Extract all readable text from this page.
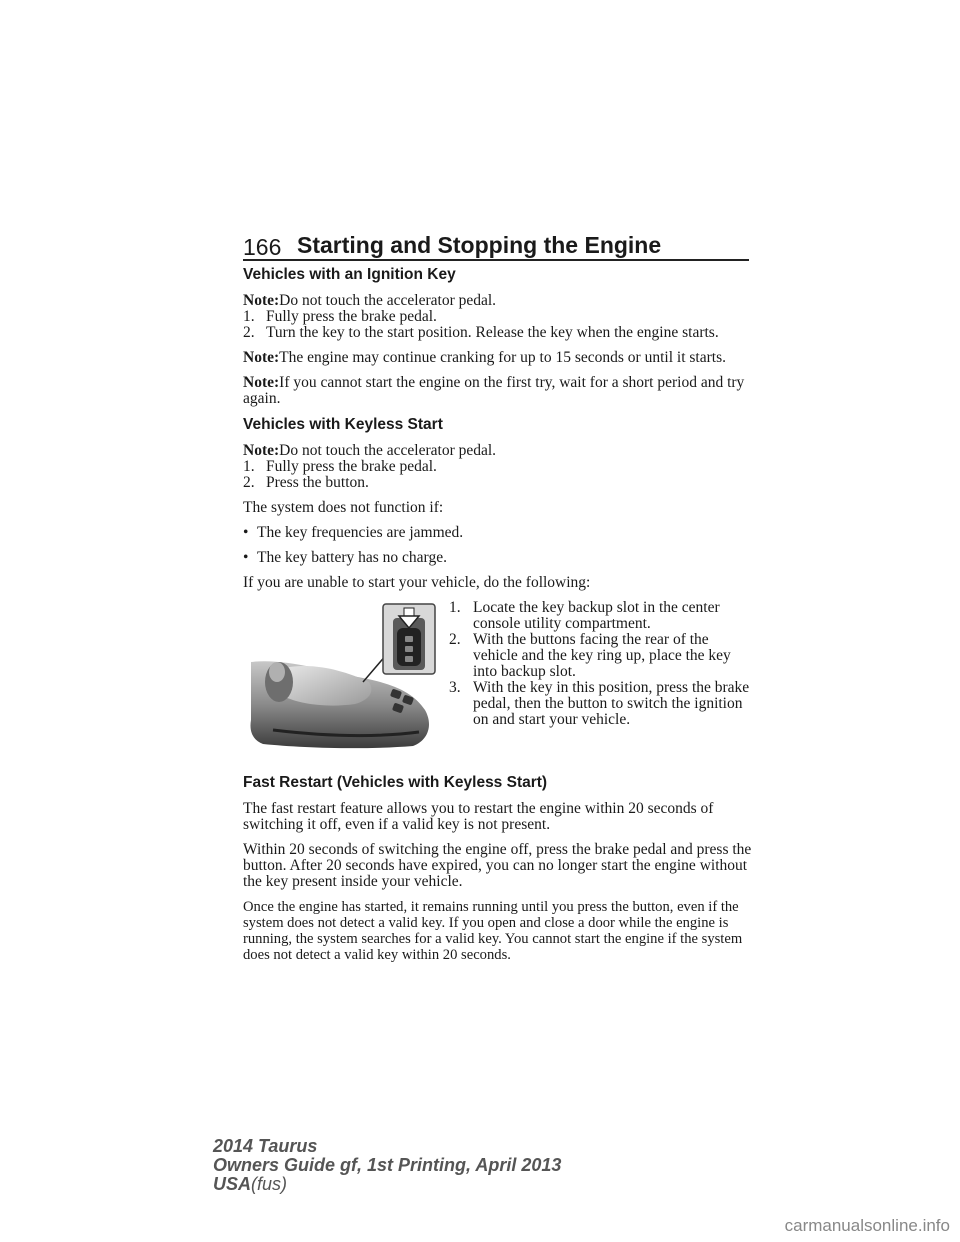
166 Starting and Stopping the Engine
Vehicles with an Ignition Key
Note:Do not touch the accelerator pedal.
1. Fully press the brake pedal.
2. Turn the key to the start position. Release the key when the engine starts.

Note:The engine may continue cranking for up to 15 seconds or until it starts.

Note:If you cannot start the engine on the first try, wait for a short period and try again.

Vehicles with Keyless Start
Note:Do not touch the accelerator pedal.
1. Fully press the brake pedal.
2. Press the button.

The system does not function if:

• The key frequencies are jammed.
• The key battery has no charge.

If you are unable to start your vehicle, do the following:

1. Locate the key backup slot in the center console utility compartment.
2. With the buttons facing the rear of the vehicle and the key ring up, place the key into backup slot.
3. With the key in this position, press the brake pedal, then the button to switch the ignition on and start your vehicle.
Fast Restart (Vehicles with Keyless Start)

The fast restart feature allows you to restart the engine within 20 seconds of switching it off, even if a valid key is not present.

Within 20 seconds of switching the engine off, press the brake pedal and press the button. After 20 seconds have expired, you can no longer start the engine without the key present inside your vehicle.

Once the engine has started, it remains running until you press the button, even if the system does not detect a valid key. If you open and close a door while the engine is running, the system searches for a valid key. You cannot start the engine if the system does not detect a valid key within 20 seconds.

2014 Taurus
Owners Guide gf, 1st Printing, April 2013
USA(fus)
carmanualsonline.info
